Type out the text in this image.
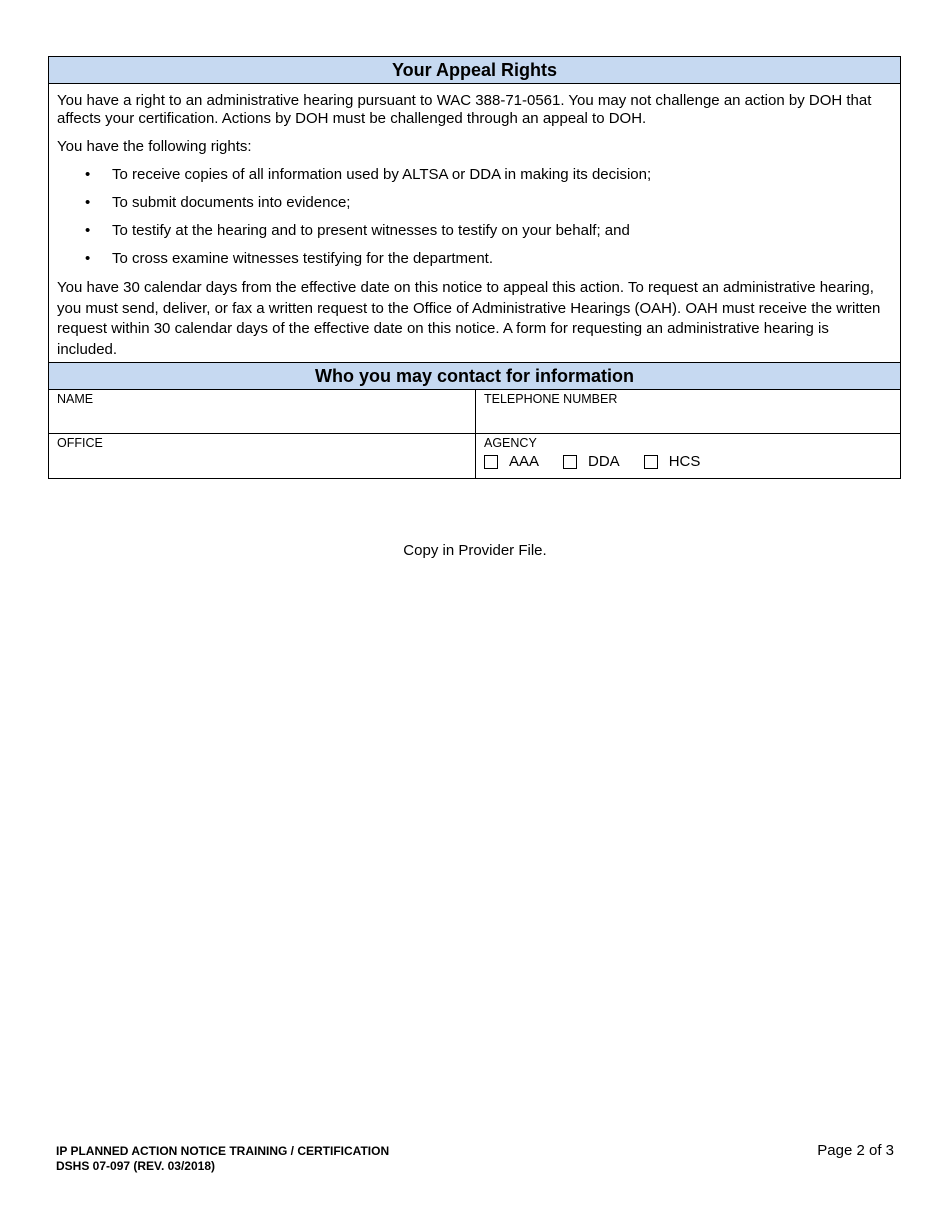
Your Appeal Rights

You have a right to an administrative hearing pursuant to WAC 388-71-0561. You may not challenge an action by DOH that affects your certification. Actions by DOH must be challenged through an appeal to DOH.

You have the following rights:

• To receive copies of all information used by ALTSA or DDA in making its decision;
• To submit documents into evidence;
• To testify at the hearing and to present witnesses to testify on your behalf; and
• To cross examine witnesses testifying for the department.

You have 30 calendar days from the effective date on this notice to appeal this action. To request an administrative hearing, you must send, deliver, or fax a written request to the Office of Administrative Hearings (OAH). OAH must receive the written request within 30 calendar days of the effective date on this notice. A form for requesting an administrative hearing is included.

Who you may contact for information
NAME	TELEPHONE NUMBER
OFFICE	AGENCY
AAA	DDA	HCS
Copy in Provider File.
IP PLANNED ACTION NOTICE TRAINING / CERTIFICATION
DSHS 07-097 (REV. 03/2018)
Page 2 of 3
